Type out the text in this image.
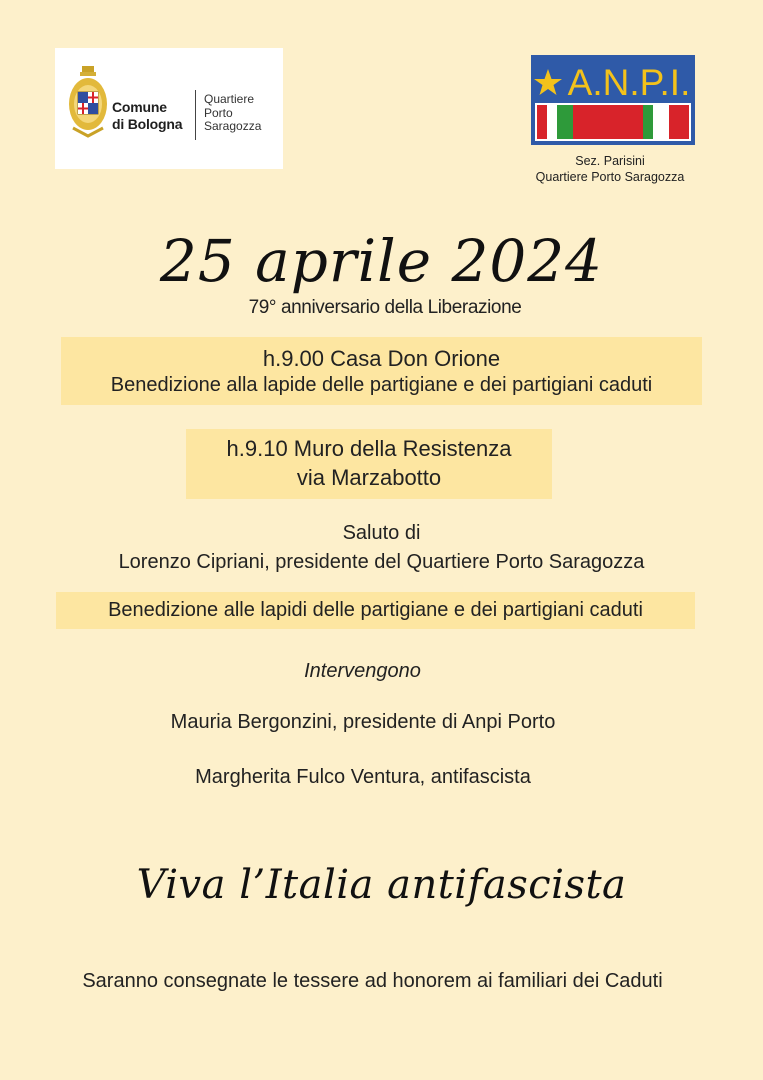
Comune
di Bologna
Quartiere
Porto
Saragozza
A.N.P.I.
Sez. Parisini
Quartiere Porto Saragozza
25 aprile 2024
79° anniversario della Liberazione
h.9.00 Casa Don Orione
Benedizione alla lapide delle partigiane e dei partigiani caduti
h.9.10 Muro della Resistenza
via Marzabotto
Saluto di
Lorenzo Cipriani, presidente del Quartiere Porto Saragozza
Benedizione alle lapidi delle partigiane e dei partigiani caduti
Intervengono
Mauria Bergonzini, presidente di Anpi Porto
Margherita Fulco Ventura, antifascista
Viva l’Italia antifascista
Saranno consegnate le tessere ad honorem ai familiari dei Caduti
